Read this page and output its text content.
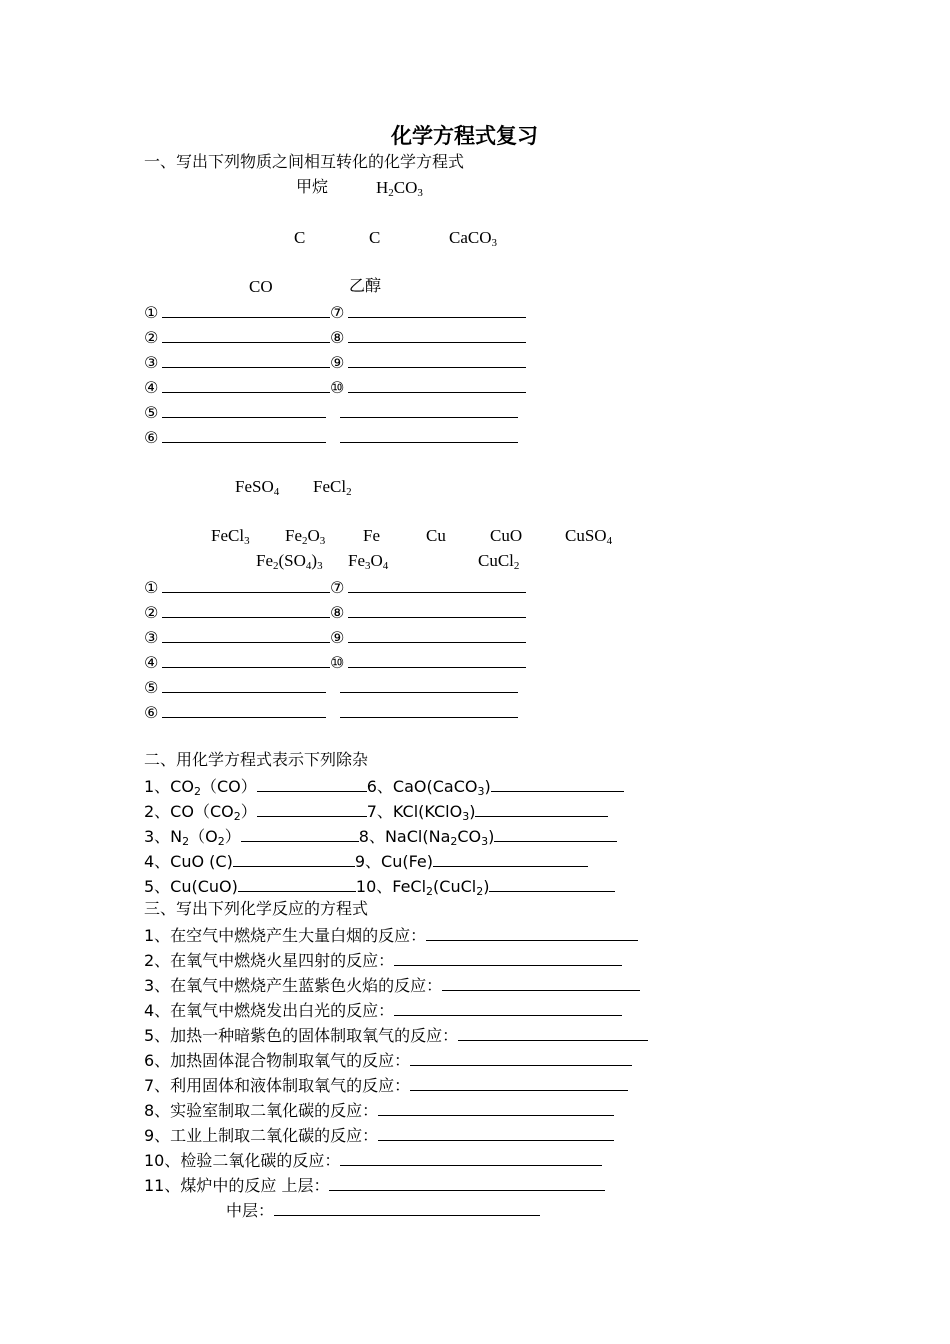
化学方程式复习
一、写出下列物质之间相互转化的化学方程式
甲烷	$H_2CO_3$
C	C	CaCO$_3$
CO	乙醇
①	⑦
②	⑧
③	⑨
④	⑩
⑤
⑥
FeSO$_4$ FeCl$_2$
FeCl$_3$ $Fe_2O_3$ Fe	Cu	CuO	CuSO$_4$
$Fe_2(SO_4)_3$ $Fe_3O_4$	CuCl$_2$
①	⑦
②	⑧
③	⑨
④	⑩
⑤
⑥
二、用化学方程式表示下列除杂
1、$CO_2(CO)$	6、CaO(CaCO$_3$)
2、$CO(CO_2)$	7、KCl(KClO$_3$)
3、$N_2(O_2)$	8、$NaCl(Na_2CO_3)$
4、CuO (C)	9、Cu(Fe)
5、Cu(CuO)	10、FeCl$_2$(CuCl$_2$)
三、写出下列化学反应的方程式
1、在空气中燃烧产生大量白烟的反应：
2、在氧气中燃烧火星四射的反应：
3、在氧气中燃烧产生蓝紫色火焰的反应：
4、在氧气中燃烧发出白光的反应：
5、加热一种暗紫色的固体制取氧气的反应：
6、加热固体混合物制取氧气的反应：
7、利用固体和液体制取氧气的反应：
8、实验室制取二氧化碳的反应：
9、工业上制取二氧化碳的反应：
10、检验二氧化碳的反应：
11、煤炉中的反应 上层：
中层：
